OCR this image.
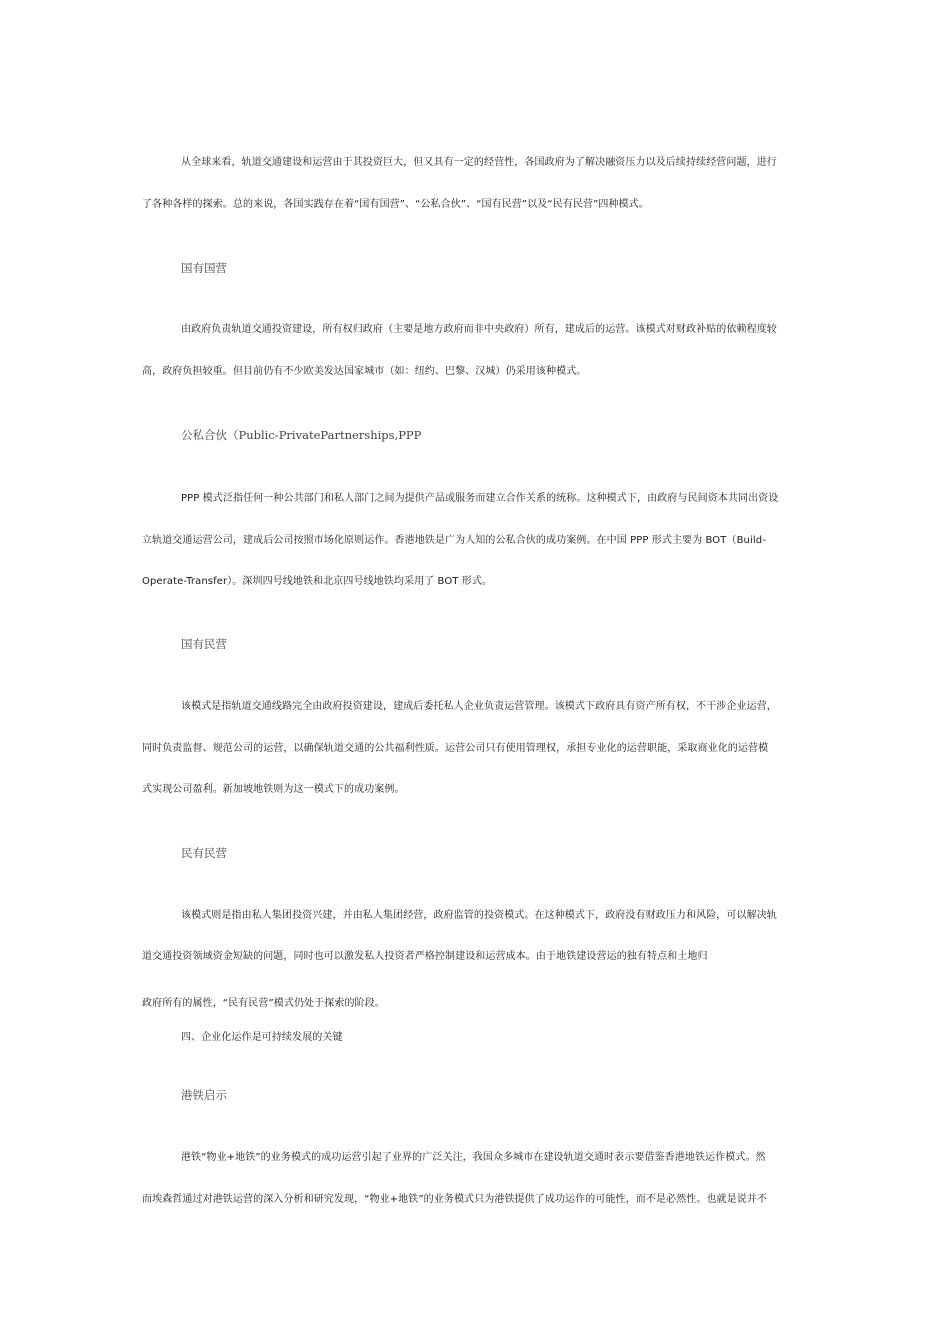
从全球来看，轨道交通建设和运营由于其投资巨大，但又具有一定的经营性，各国政府为了解决融资压力以及后续持续经营问题，进行
了各种各样的探索。总的来说，各国实践存在着“国有国营”、“公私合伙”、“国有民营”以及“民有民营”四种模式。
国有国营
由政府负责轨道交通投资建设，所有权归政府（主要是地方政府而非中央政府）所有，建成后的运营。该模式对财政补贴的依赖程度较
高，政府负担较重。但目前仍有不少欧美发达国家城市（如：纽约、巴黎、汉城）仍采用该种模式。
公私合伙（Public-PrivatePartnerships,PPP
PPP 模式泛指任何一种公共部门和私人部门之间为提供产品或服务而建立合作关系的统称。这种模式下，由政府与民间资本共同出资设
立轨道交通运营公司，建成后公司按照市场化原则运作。香港地铁是广为人知的公私合伙的成功案例。在中国 PPP 形式主要为 BOT（Build-
Operate-Transfer）。深圳四号线地铁和北京四号线地铁均采用了 BOT 形式。
国有民营
该模式是指轨道交通线路完全由政府投资建设，建成后委托私人企业负责运营管理。该模式下政府具有资产所有权，不干涉企业运营，
同时负责监督、规范公司的运营，以确保轨道交通的公共福利性质。运营公司只有使用管理权，承担专业化的运营职能，采取商业化的运营模
式实现公司盈利。新加坡地铁则为这一模式下的成功案例。
民有民营
该模式则是指由私人集团投资兴建，并由私人集团经营，政府监管的投资模式。在这种模式下，政府没有财政压力和风险，可以解决轨
道交通投资领域资金短缺的问题，同时也可以激发私人投资者严格控制建设和运营成本。由于地铁建设营运的独有特点和土地归
政府所有的属性，“民有民营”模式仍处于探索的阶段。
四、企业化运作是可持续发展的关键
港铁启示
港铁“物业+地铁”的业务模式的成功运营引起了业界的广泛关注，我国众多城市在建设轨道交通时表示要借鉴香港地铁运作模式。然
而埃森哲通过对港铁运营的深入分析和研究发现，“物业+地铁”的业务模式只为港铁提供了成功运作的可能性，而不是必然性。也就是说并不
